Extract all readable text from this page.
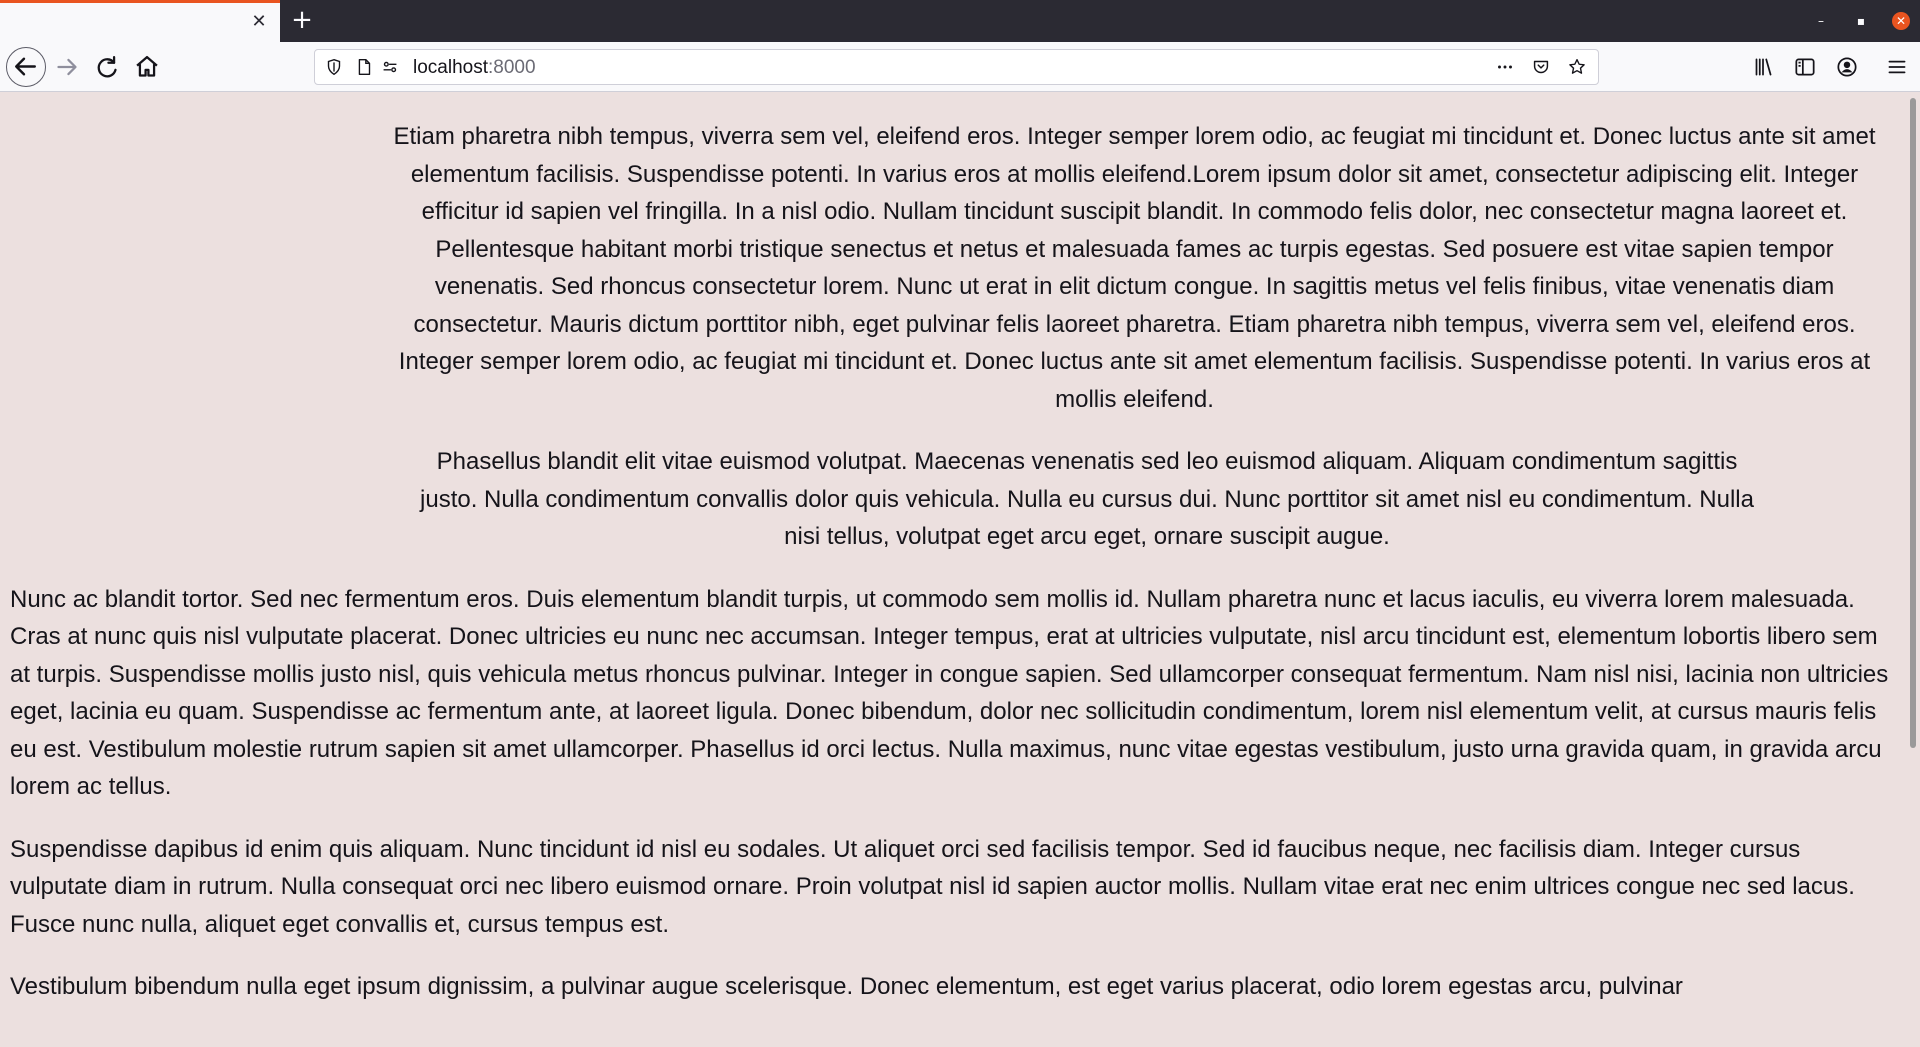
✕ +	–	▪	✕
localhost:8000

Etiam pharetra nibh tempus, viverra sem vel, eleifend eros. Integer semper lorem odio, ac feugiat mi tincidunt et. Donec luctus ante sit amet elementum facilisis. Suspendisse potenti. In varius eros at mollis eleifend.Lorem ipsum dolor sit amet, consectetur adipiscing elit. Integer efficitur id sapien vel fringilla. In a nisl odio. Nullam tincidunt suscipit blandit. In commodo felis dolor, nec consectetur magna laoreet et. Pellentesque habitant morbi tristique senectus et netus et malesuada fames ac turpis egestas. Sed posuere est vitae sapien tempor venenatis. Sed rhoncus consectetur lorem. Nunc ut erat in elit dictum congue. In sagittis metus vel felis finibus, vitae venenatis diam consectetur. Mauris dictum porttitor nibh, eget pulvinar felis laoreet pharetra. Etiam pharetra nibh tempus, viverra sem vel, eleifend eros. Integer semper lorem odio, ac feugiat mi tincidunt et. Donec luctus ante sit amet elementum facilisis. Suspendisse potenti. In varius eros at mollis eleifend.

Phasellus blandit elit vitae euismod volutpat. Maecenas venenatis sed leo euismod aliquam. Aliquam condimentum sagittis justo. Nulla condimentum convallis dolor quis vehicula. Nulla eu cursus dui. Nunc porttitor sit amet nisl eu condimentum. Nulla nisi tellus, volutpat eget arcu eget, ornare suscipit augue.

Nunc ac blandit tortor. Sed nec fermentum eros. Duis elementum blandit turpis, ut commodo sem mollis id. Nullam pharetra nunc et lacus iaculis, eu viverra lorem malesuada. Cras at nunc quis nisl vulputate placerat. Donec ultricies eu nunc nec accumsan. Integer tempus, erat at ultricies vulputate, nisl arcu tincidunt est, elementum lobortis libero sem at turpis. Suspendisse mollis justo nisl, quis vehicula metus rhoncus pulvinar. Integer in congue sapien. Sed ullamcorper consequat fermentum. Nam nisl nisi, lacinia non ultricies eget, lacinia eu quam. Suspendisse ac fermentum ante, at laoreet ligula. Donec bibendum, dolor nec sollicitudin condimentum, lorem nisl elementum velit, at cursus mauris felis eu est. Vestibulum molestie rutrum sapien sit amet ullamcorper. Phasellus id orci lectus. Nulla maximus, nunc vitae egestas vestibulum, justo urna gravida quam, in gravida arcu lorem ac tellus.

Suspendisse dapibus id enim quis aliquam. Nunc tincidunt id nisl eu sodales. Ut aliquet orci sed facilisis tempor. Sed id faucibus neque, nec facilisis diam. Integer cursus vulputate diam in rutrum. Nulla consequat orci nec libero euismod ornare. Proin volutpat nisl id sapien auctor mollis. Nullam vitae erat nec enim ultrices congue nec sed lacus. Fusce nunc nulla, aliquet eget convallis et, cursus tempus est.

Vestibulum bibendum nulla eget ipsum dignissim, a pulvinar augue scelerisque. Donec elementum, est eget varius placerat, odio lorem egestas arcu, pulvinar
